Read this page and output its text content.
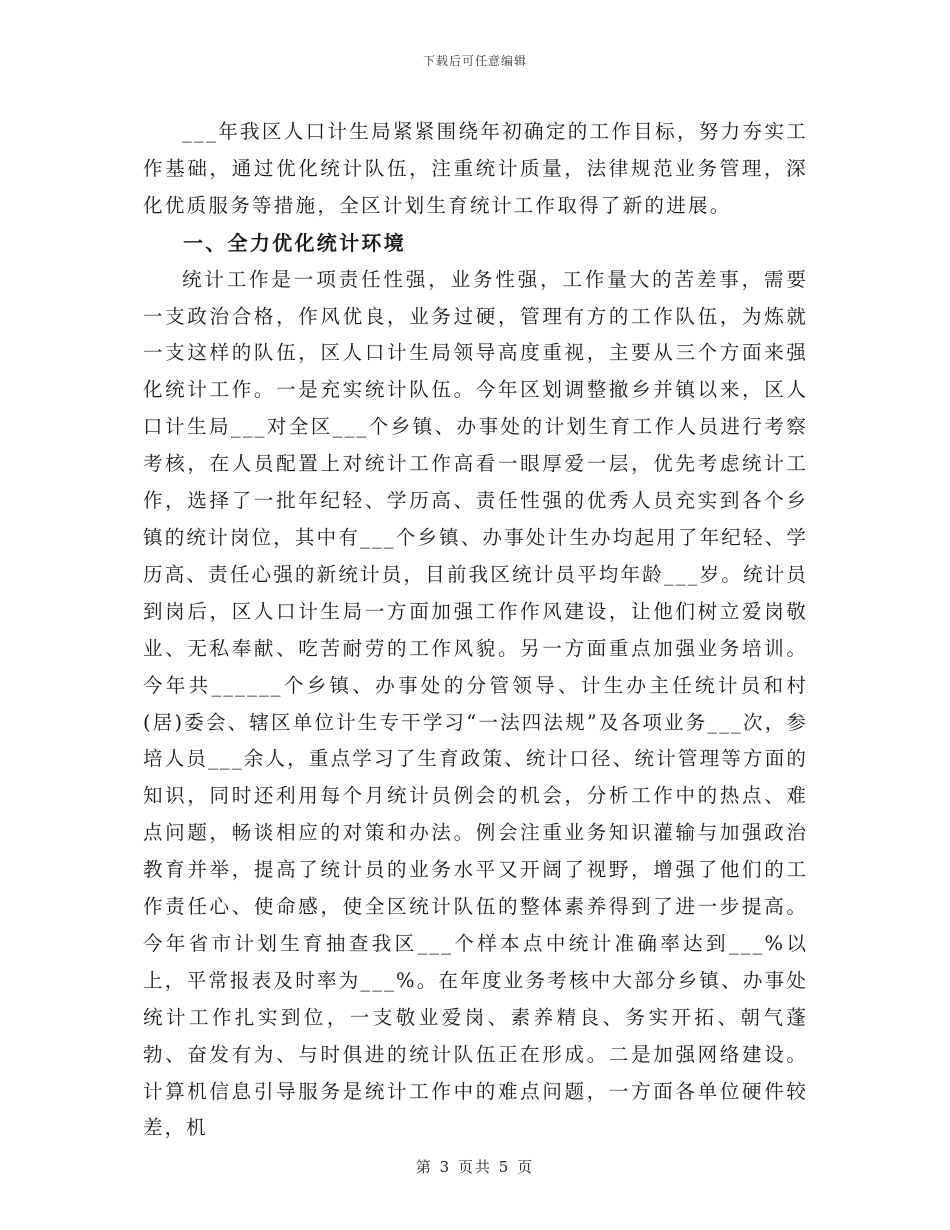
下载后可任意编辑

___年我区人口计生局紧紧围绕年初确定的工作目标，努力夯实工作基础，通过优化统计队伍，注重统计质量，法律规范业务管理，深化优质服务等措施，全区计划生育统计工作取得了新的进展。

一、全力优化统计环境

统计工作是一项责任性强，业务性强，工作量大的苦差事，需要一支政治合格，作风优良，业务过硬，管理有方的工作队伍，为炼就一支这样的队伍，区人口计生局领导高度重视，主要从三个方面来强化统计工作。一是充实统计队伍。今年区划调整撤乡并镇以来，区人口计生局___对全区___个乡镇、办事处的计划生育工作人员进行考察考核，在人员配置上对统计工作高看一眼厚爱一层，优先考虑统计工作，选择了一批年纪轻、学历高、责任性强的优秀人员充实到各个乡镇的统计岗位，其中有___个乡镇、办事处计生办均起用了年纪轻、学历高、责任心强的新统计员，目前我区统计员平均年龄___岁。统计员到岗后，区人口计生局一方面加强工作作风建设，让他们树立爱岗敬业、无私奉献、吃苦耐劳的工作风貌。另一方面重点加强业务培训。今年共______个乡镇、办事处的分管领导、计生办主任统计员和村(居)委会、辖区单位计生专干学习“一法四法规”及各项业务___次，参培人员___余人，重点学习了生育政策、统计口径、统计管理等方面的知识，同时还利用每个月统计员例会的机会，分析工作中的热点、难点问题，畅谈相应的对策和办法。例会注重业务知识灌输与加强政治教育并举，提高了统计员的业务水平又开阔了视野，增强了他们的工作责任心、使命感，使全区统计队伍的整体素养得到了进一步提高。今年省市计划生育抽查我区___个样本点中统计准确率达到___%以上，平常报表及时率为___%。在年度业务考核中大部分乡镇、办事处统计工作扎实到位，一支敬业爱岗、素养精良、务实开拓、朝气蓬勃、奋发有为、与时俱进的统计队伍正在形成。二是加强网络建设。计算机信息引导服务是统计工作中的难点问题，一方面各单位硬件较差，机

第 3 页共 5 页
